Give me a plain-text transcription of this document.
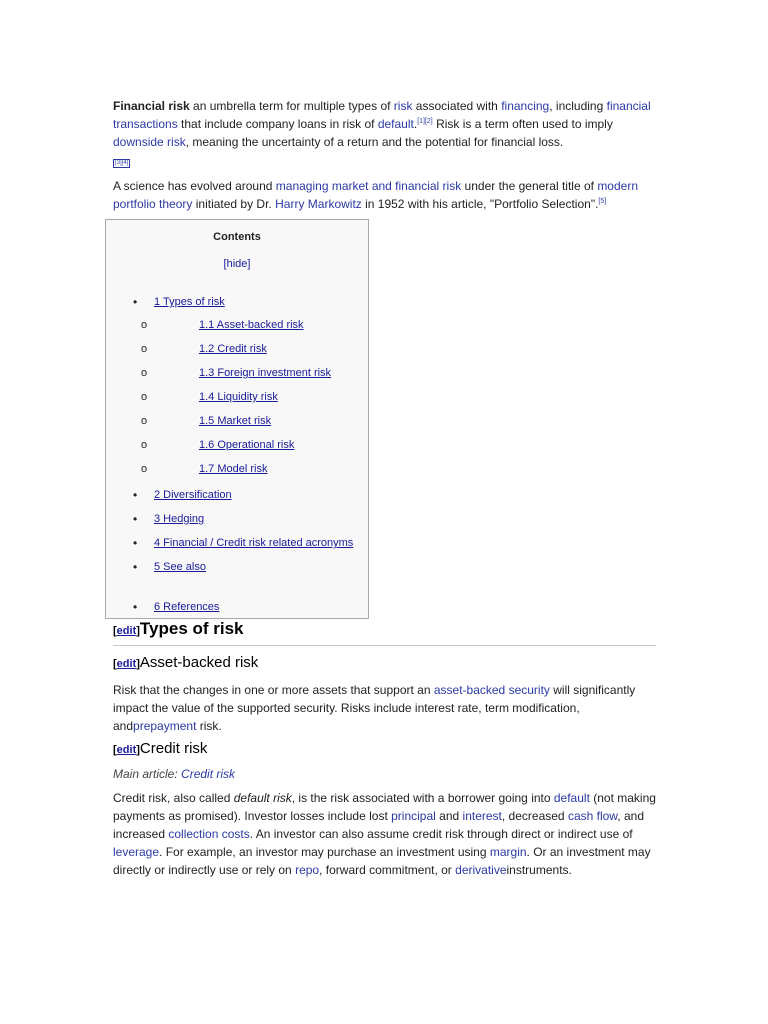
Financial risk an umbrella term for multiple types of risk associated with financing, including financial transactions that include company loans in risk of default.[1][2] Risk is a term often used to imply downside risk, meaning the uncertainty of a return and the potential for financial loss.
[3][4]

A science has evolved around managing market and financial risk under the general title of modern portfolio theory initiated by Dr. Harry Markowitz in 1952 with his article, "Portfolio Selection".[5]

Contents
[hide]
• 1 Types of risk
o	1.1 Asset-backed risk
o	1.2 Credit risk
o	1.3 Foreign investment risk
o	1.4 Liquidity risk
o	1.5 Market risk
o	1.6 Operational risk
o	1.7 Model risk
• 2 Diversification
• 3 Hedging
• 4 Financial / Credit risk related acronyms
• 5 See also
• 6 References
[edit]Types of risk
[edit]Asset-backed risk

Risk that the changes in one or more assets that support an asset-backed security will significantly impact the value of the supported security. Risks include interest rate, term modification, andprepayment risk.

[edit]Credit risk

Main article: Credit risk

Credit risk, also called default risk, is the risk associated with a borrower going into default (not making payments as promised). Investor losses include lost principal and interest, decreased cash flow, and increased collection costs. An investor can also assume credit risk through direct or indirect use of leverage. For example, an investor may purchase an investment using margin. Or an investment may directly or indirectly use or rely on repo, forward commitment, or derivativeinstruments.
